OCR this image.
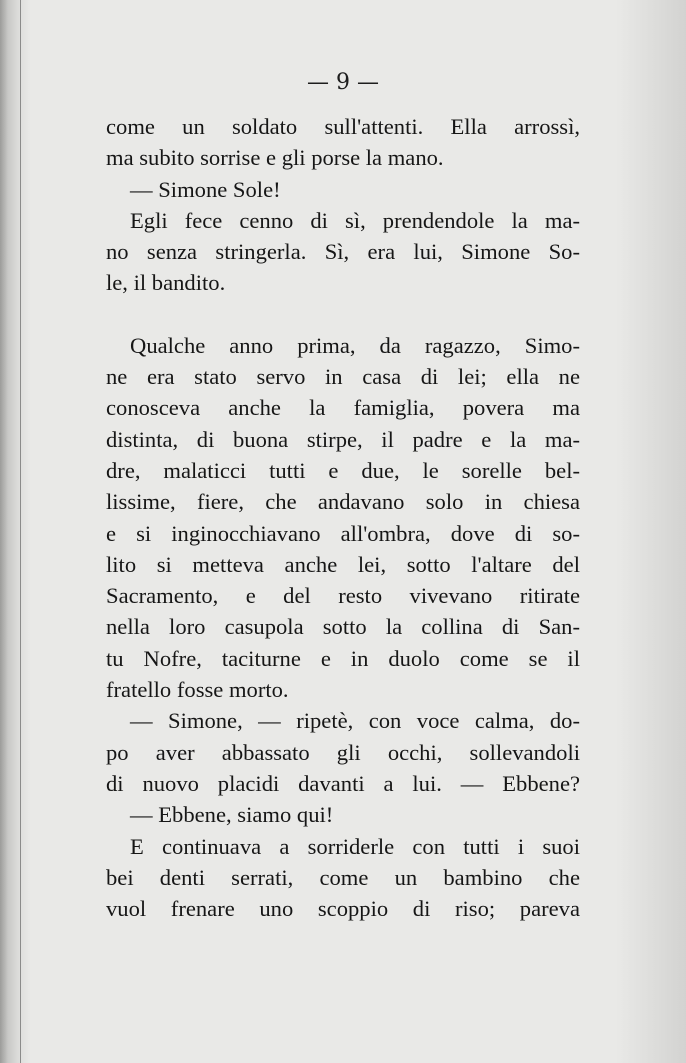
— 9 —
come un soldato sull'attenti. Ella arrossì,
ma subito sorrise e gli porse la mano.
— Simone Sole!
Egli fece cenno di sì, prendendole la ma-
no senza stringerla. Sì, era lui, Simone So-
le, il bandito.
Qualche anno prima, da ragazzo, Simo-
ne era stato servo in casa di lei; ella ne
conosceva anche la famiglia, povera ma
distinta, di buona stirpe, il padre e la ma-
dre, malaticci tutti e due, le sorelle bel-
lissime, fiere, che andavano solo in chiesa
e si inginocchiavano all'ombra, dove di so-
lito si metteva anche lei, sotto l'altare del
Sacramento, e del resto vivevano ritirate
nella loro casupola sotto la collina di San-
tu Nofre, taciturne e in duolo come se il
fratello fosse morto.
— Simone, — ripetè, con voce calma, do-
po aver abbassato gli occhi, sollevandoli
di nuovo placidi davanti a lui. — Ebbene?
— Ebbene, siamo qui!
E continuava a sorriderle con tutti i suoi
bei denti serrati, come un bambino che
vuol frenare uno scoppio di riso; pareva
